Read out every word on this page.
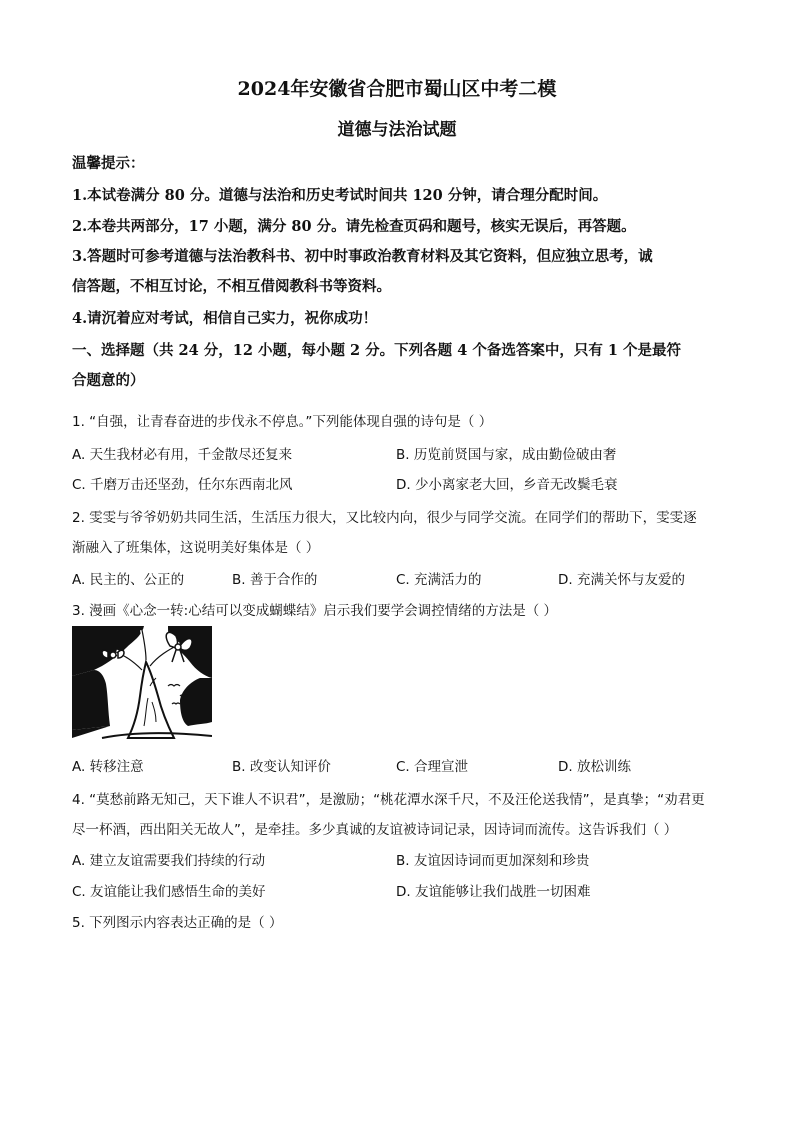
2024年安徽省合肥市蜀山区中考二模
道德与法治试题
温馨提示：
1.本试卷满分 80 分。道德与法治和历史考试时间共 120 分钟，请合理分配时间。
2.本卷共两部分，17 小题，满分 80 分。请先检查页码和题号，核实无误后，再答题。
3.答题时可参考道德与法治教科书、初中时事政治教育材料及其它资料，但应独立思考，诚
信答题，不相互讨论，不相互借阅教科书等资料。
4.请沉着应对考试，相信自己实力，祝你成功！
一、选择题（共 24 分，12 小题，每小题 2 分。下列各题 4 个备选答案中，只有 1 个是最符
合题意的）
1. “自强，让青春奋进的步伐永不停息。”下列能体现自强的诗句是（ ）
A. 天生我材必有用，千金散尽还复来	B. 历览前贤国与家，成由勤俭破由奢
C. 千磨万击还坚劲，任尔东西南北风	D. 少小离家老大回，乡音无改鬓毛衰
2. 雯雯与爷爷奶奶共同生活，生活压力很大，又比较内向，很少与同学交流。在同学们的帮助下，雯雯逐
渐融入了班集体，这说明美好集体是（ ）
A. 民主的、公正的	B. 善于合作的	C. 充满活力的	D. 充满关怀与友爱的
3. 漫画《心念一转:心结可以变成蝴蝶结》启示我们要学会调控情绪的方法是（ ）
A. 转移注意	B. 改变认知评价	C. 合理宣泄	D. 放松训练
4. “莫愁前路无知己，天下谁人不识君”，是激励；“桃花潭水深千尺，不及汪伦送我情”，是真挚；“劝君更
尽一杯酒，西出阳关无故人”，是牵挂。多少真诚的友谊被诗词记录，因诗词而流传。这告诉我们（ ）
A. 建立友谊需要我们持续的行动	B. 友谊因诗词而更加深刻和珍贵
C. 友谊能让我们感悟生命的美好	D. 友谊能够让我们战胜一切困难
5. 下列图示内容表达正确的是（ ）
